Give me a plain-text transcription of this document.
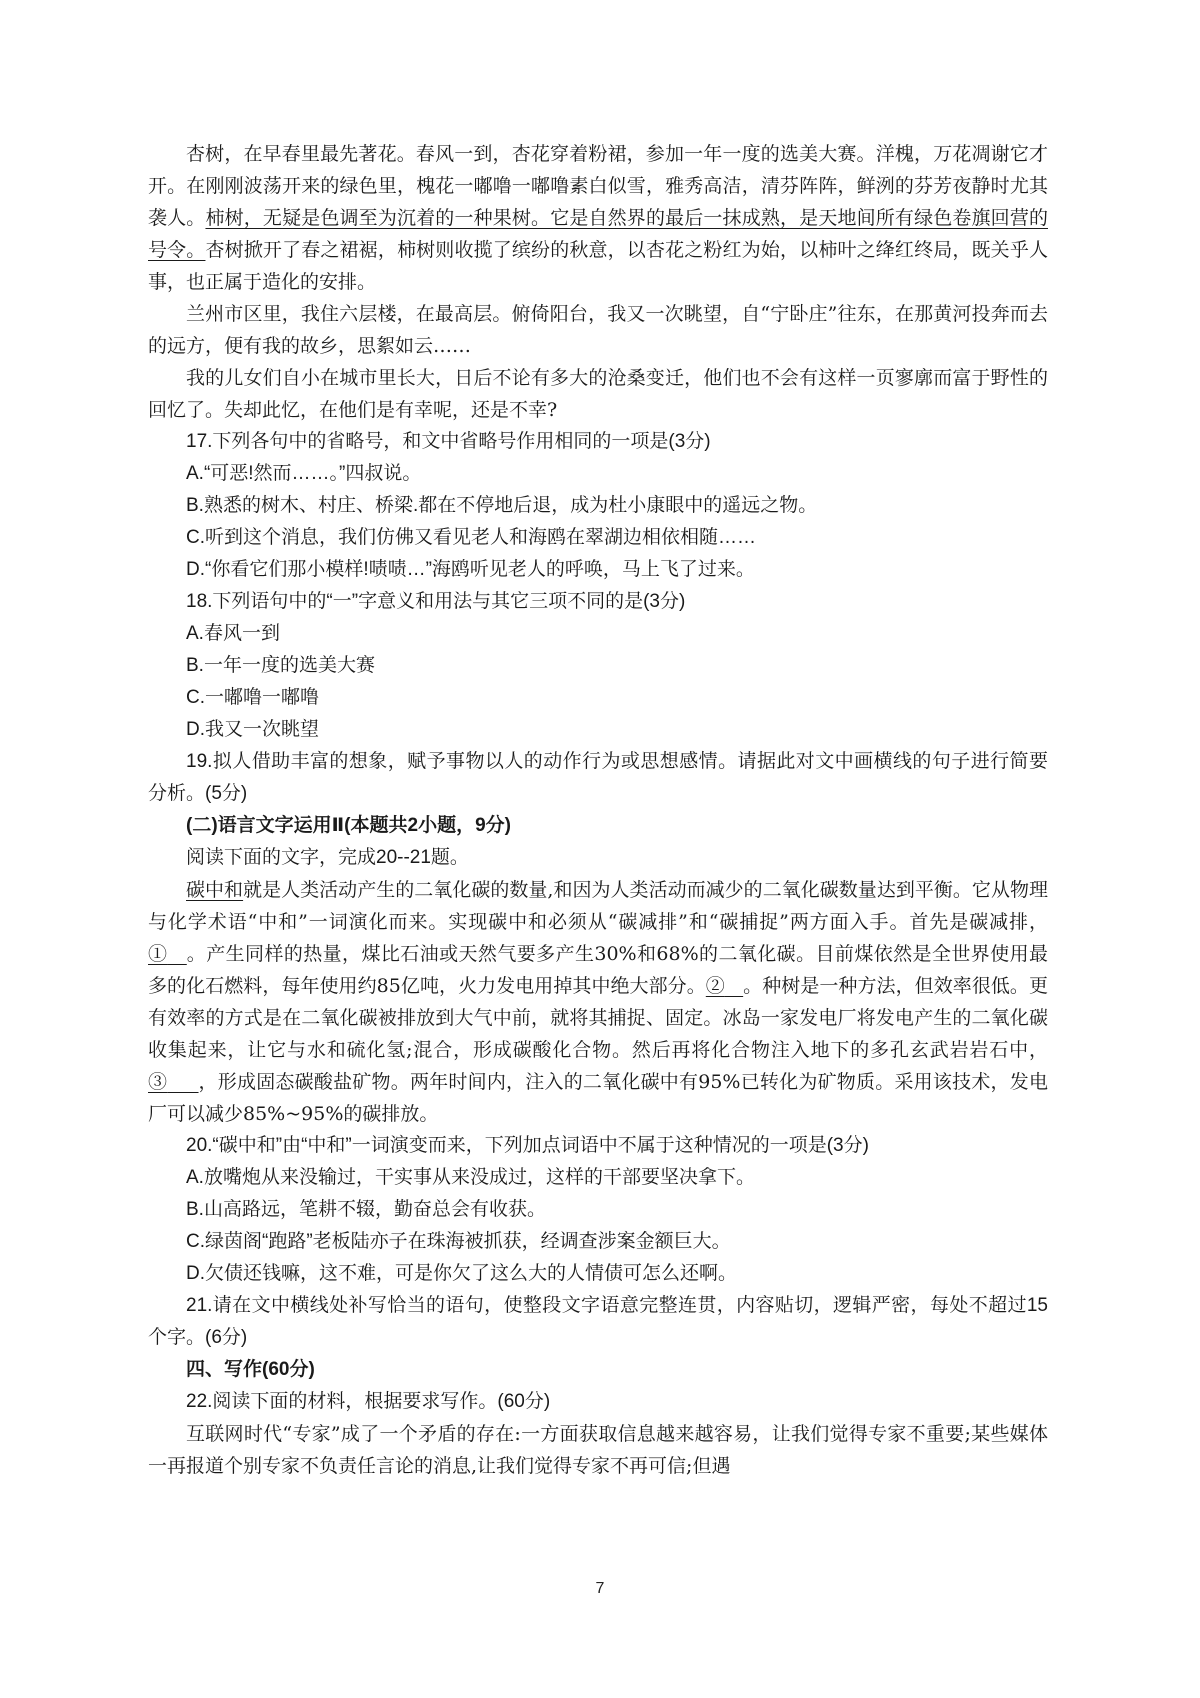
杏树，在早春里最先著花。春风一到，杏花穿着粉裙，参加一年一度的选美大赛。洋槐，万花凋谢它才开。在刚刚波荡开来的绿色里，槐花一嘟噜一嘟噜素白似雪，雅秀高洁，清芬阵阵，鲜洌的芬芳夜静时尤其袭人。柿树，无疑是色调至为沉着的一种果树。它是自然界的最后一抹成熟，是天地间所有绿色卷旗回营的号令。杏树掀开了春之裙裾，柿树则收揽了缤纷的秋意，以杏花之粉红为始，以柿叶之绛红终局，既关乎人事，也正属于造化的安排。

兰州市区里，我住六层楼，在最高层。俯倚阳台，我又一次眺望，自“宁卧庄”往东，在那黄河投奔而去的远方，便有我的故乡，思絮如云……

我的儿女们自小在城市里长大，日后不论有多大的沧桑变迁，他们也不会有这样一页寥廓而富于野性的回忆了。失却此忆，在他们是有幸呢，还是不幸?

17.下列各句中的省略号，和文中省略号作用相同的一项是(3分)

A.“可恶!然而……。”四叔说。

B.熟悉的树木、村庄、桥梁.都在不停地后退，成为杜小康眼中的遥远之物。

C.听到这个消息，我们仿佛又看见老人和海鸥在翠湖边相依相随……

D.“你看它们那小模样!啧啧…”海鸥听见老人的呼唤，马上飞了过来。

18.下列语句中的“一”字意义和用法与其它三项不同的是(3分)

A.春风一到

B.一年一度的选美大赛

C.一嘟噜一嘟噜

D.我又一次眺望

19.拟人借助丰富的想象，赋予事物以人的动作行为或思想感情。请据此对文中画横线的句子进行简要分析。(5分)

(二)语言文字运用Ⅱ(本题共2小题，9分)

阅读下面的文字，完成20--21题。

碳中和就是人类活动产生的二氧化碳的数量,和因为人类活动而减少的二氧化碳数量达到平衡。它从物理与化学术语“中和”一词演化而来。实现碳中和必须从“碳减排”和“碳捕捉”两方面入手。首先是碳减排，① 。产生同样的热量，煤比石油或天然气要多产生30%和68%的二氧化碳。目前煤依然是全世界使用最多的化石燃料，每年使用约85亿吨，火力发电用掉其中绝大部分。② 。种树是一种方法，但效率很低。更有效率的方式是在二氧化碳被排放到大气中前，就将其捕捉、固定。冰岛一家发电厂将发电产生的二氧化碳收集起来，让它与水和硫化氢;混合，形成碳酸化合物。然后再将化合物注入地下的多孔玄武岩岩石中，③ ，形成固态碳酸盐矿物。两年时间内，注入的二氧化碳中有95%已转化为矿物质。采用该技术，发电厂可以减少85%~95%的碳排放。

20.“碳中和”由“中和”一词演变而来，下列加点词语中不属于这种情况的一项是(3分)

A.放嘴炮从来没输过，干实事从来没成过，这样的干部要坚决拿下。

B.山高路远，笔耕不辍，勤奋总会有收获。

C.绿茵阁“跑路”老板陆亦子在珠海被抓获，经调查涉案金额巨大。

D.欠债还钱嘛，这不难，可是你欠了这么大的人情债可怎么还啊。

21.请在文中横线处补写恰当的语句，使整段文字语意完整连贯，内容贴切，逻辑严密，每处不超过15个字。(6分)

四、写作(60分)

22.阅读下面的材料，根据要求写作。(60分)

互联网时代“专家”成了一个矛盾的存在:一方面获取信息越来越容易，让我们觉得专家不重要;某些媒体一再报道个别专家不负责任言论的消息,让我们觉得专家不再可信;但遇

7
